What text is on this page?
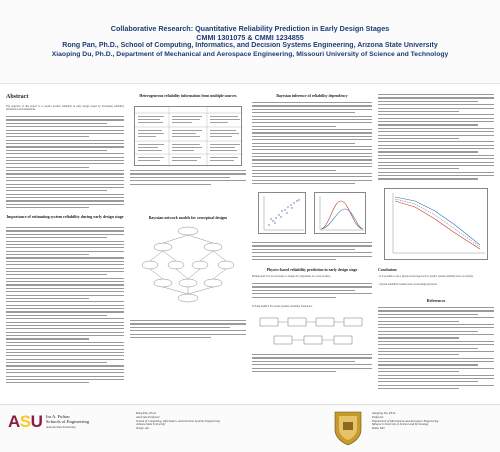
Collaborative Research: Quantitative Reliability Prediction in Early Design Stages
CMMI 1301075 & CMMI 1234855
Rong Pan, Ph.D., School of Computing, Informatics, and Decision Systems Engineering, Arizona State University
Xiaoping Du, Ph.D., Department of Mechanical and Aerospace Engineering, Missouri University of Science and Technology
Abstract
The objective of this project is to predict product reliability in early design stages by leveraging reliability information and simulations.
Importance of estimating system reliability during early design stage
Heterogeneous reliability information from multiple sources
Bayesian network models for conceptual designs
Bayesian inference of reliability dependency
Physics-based reliability prediction in early design stage
Background: It is not necessary to design all components for a new product.
Solving method: For series systems, reliability bounds are
Conclusion:
- It is possible to use a physics-based approach to predict system reliability more accurately.
- System reliability bounds better avoid design decisions.
References
ASU Ira A. Fulton
Schools of Engineering
Arizona State University
Rong Pan, Ph.D.
Associate Professor
School of Computing, Informatics, and Decision Systems Engineering
Arizona State University
Tempe, AZ
Xiaoping Du, Ph.D.
Professor
Department of Mechanical and Aerospace Engineering
Missouri University of Science and Technology
Rolla, MO
